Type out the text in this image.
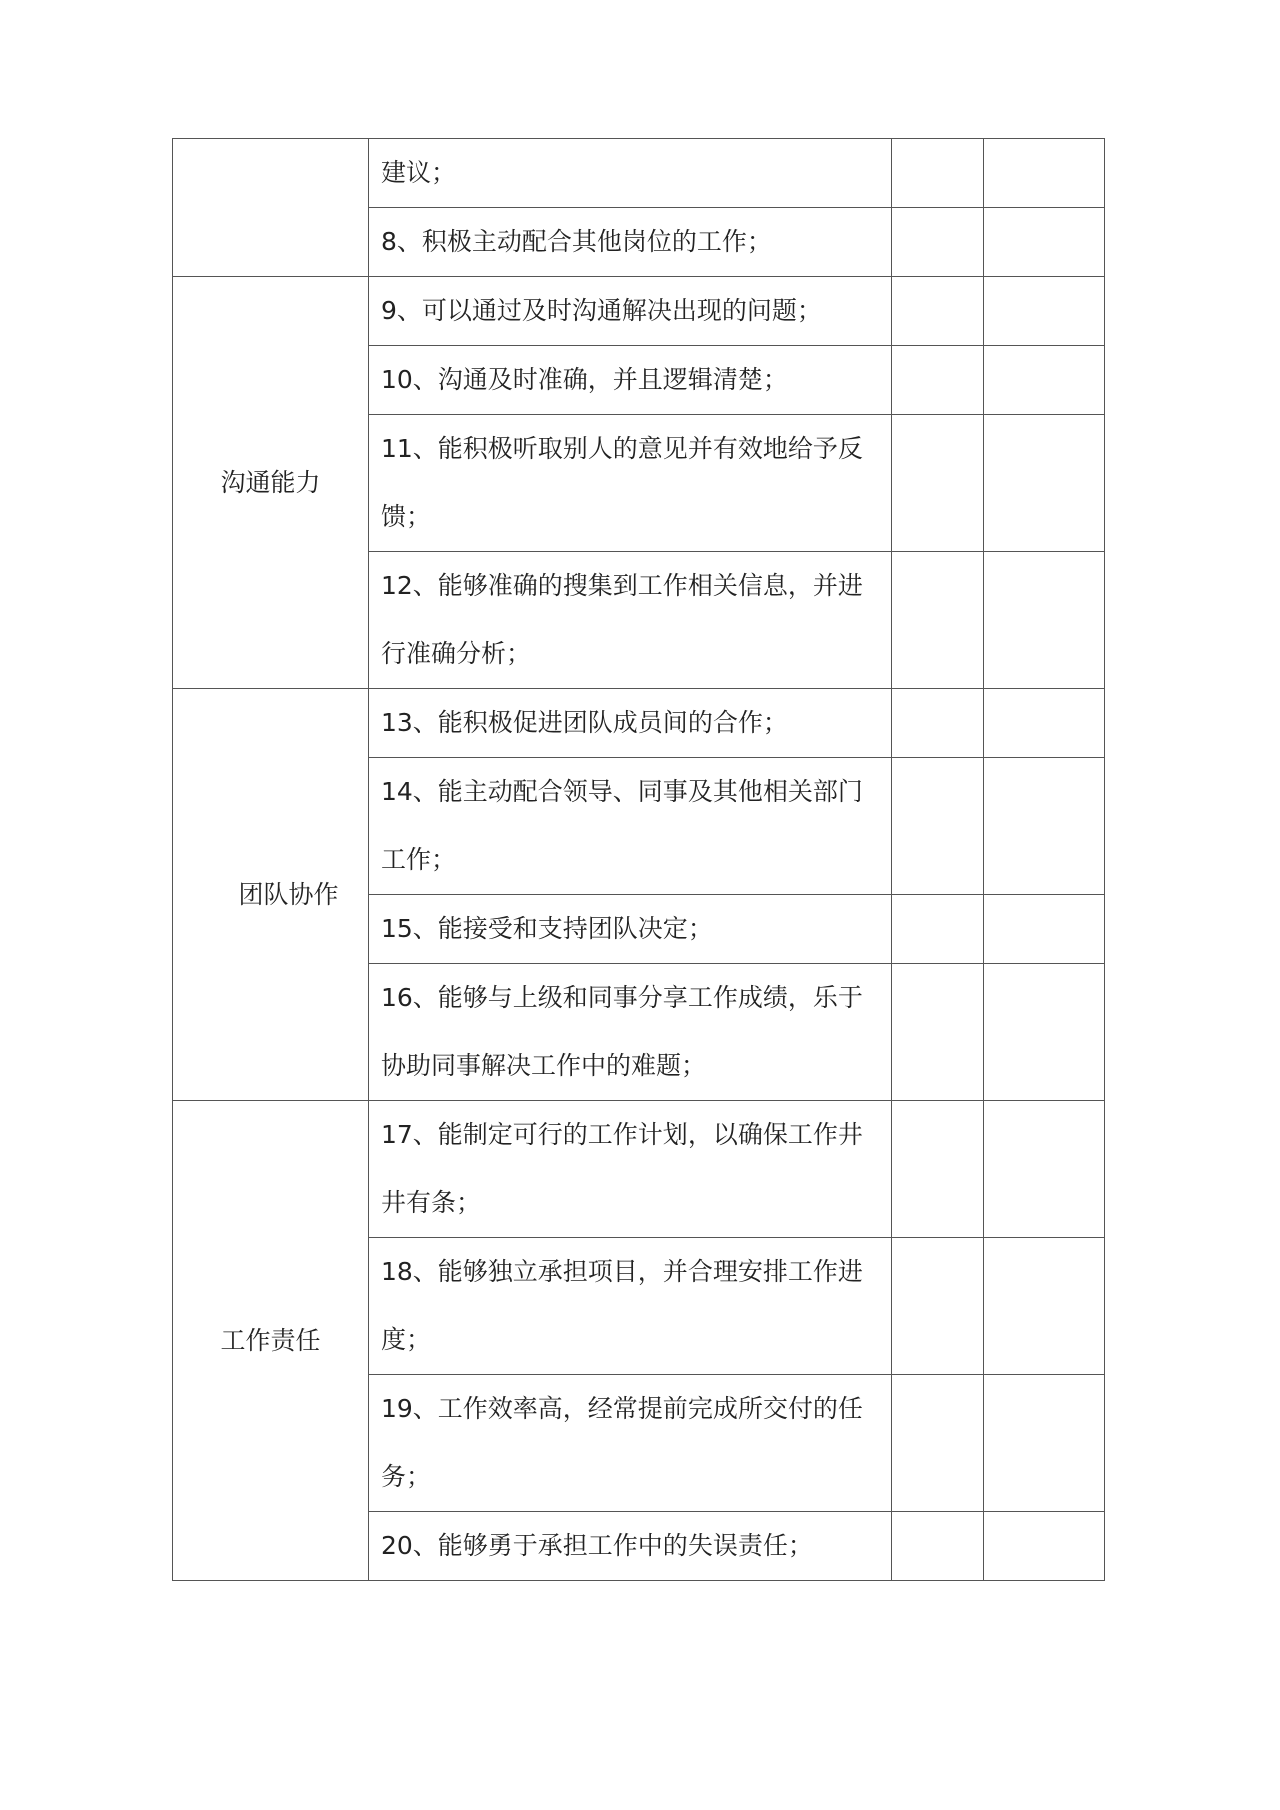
	建议；		
	8、积极主动配合其他岗位的工作；		
沟通能力	9、可以通过及时沟通解决出现的问题；		
	10、沟通及时准确，并且逻辑清楚；		
	11、能积极听取别人的意见并有效地给予反馈；		
	12、能够准确的搜集到工作相关信息，并进行准确分析；		
团队协作	13、能积极促进团队成员间的合作；		
	14、能主动配合领导、同事及其他相关部门工作；		
	15、能接受和支持团队决定；		
	16、能够与上级和同事分享工作成绩，乐于协助同事解决工作中的难题；		
工作责任	17、能制定可行的工作计划，以确保工作井井有条；		
	18、能够独立承担项目，并合理安排工作进度；		
	19、工作效率高，经常提前完成所交付的任务；		
	20、能够勇于承担工作中的失误责任；		
